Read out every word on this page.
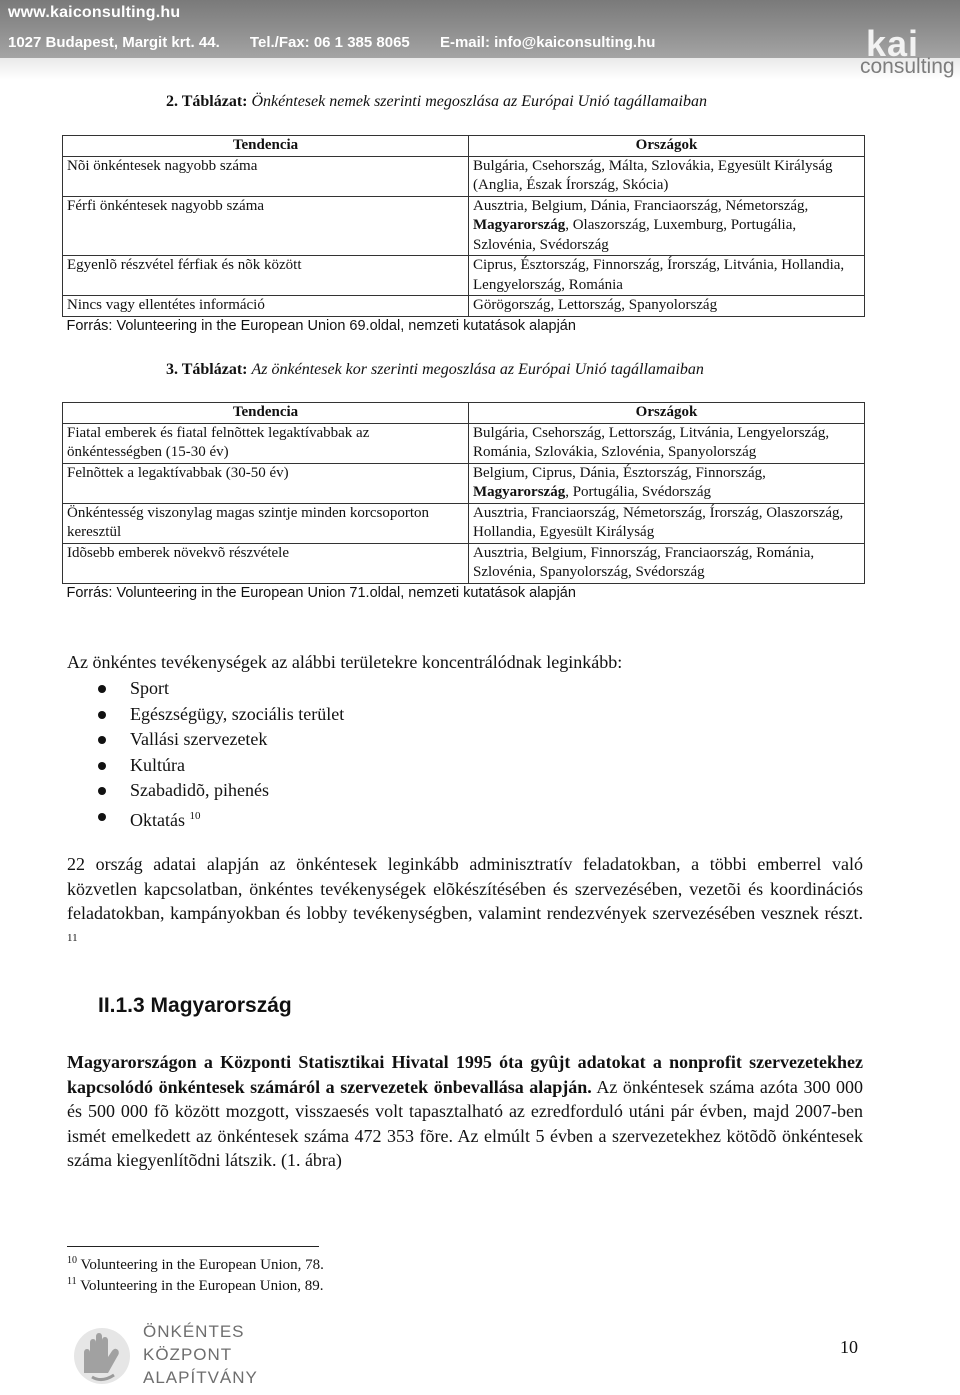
www.kaiconsulting.hu
1027 Budapest, Margit krt. 44. Tel./Fax: 06 1 385 8065 E-mail: info@kaiconsulting.hu	kai
consulting
2. Táblázat: Önkéntesek nemek szerinti megoszlása az Európai Unió tagállamaiban
Tendencia	Országok
Nõi önkéntesek nagyobb száma	Bulgária, Csehország, Málta, Szlovákia, Egyesült Királyság (Anglia, Észak Írország, Skócia)
Férfi önkéntesek nagyobb száma	Ausztria, Belgium, Dánia, Franciaország, Németország, Magyarország, Olaszország, Luxemburg, Portugália, Szlovénia, Svédország
Egyenlõ részvétel férfiak és nõk között	Ciprus, Észtország, Finnország, Írország, Litvánia, Hollandia, Lengyelország, Románia
Nincs vagy ellentétes információ	Görögország, Lettország, Spanyolország
Forrás: Volunteering in the European Union 69.oldal, nemzeti kutatások alapján	
3. Táblázat: Az önkéntesek kor szerinti megoszlása az Európai Unió tagállamaiban
Tendencia	Országok
Fiatal emberek és fiatal felnõttek legaktívabbak az önkéntességben (15-30 év)	Bulgária, Csehország, Lettország, Litvánia, Lengyelország, Románia, Szlovákia, Szlovénia, Spanyolország
Felnõttek a legaktívabbak (30-50 év)	Belgium, Ciprus, Dánia, Észtország, Finnország, Magyarország, Portugália, Svédország
Önkéntesség viszonylag magas szintje minden korcsoporton keresztül	Ausztria, Franciaország, Németország, Írország, Olaszország, Hollandia, Egyesült Királyság
Idõsebb emberek növekvõ részvétele	Ausztria, Belgium, Finnország, Franciaország, Románia, Szlovénia, Spanyolország, Svédország
Forrás: Volunteering in the European Union 71.oldal, nemzeti kutatások alapján	
Az önkéntes tevékenységek az alábbi területekre koncentrálódnak leginkább:
Sport
Egészségügy, szociális terület
Vallási szervezetek
Kultúra
Szabadidõ, pihenés
Oktatás $^{10}$
22 ország adatai alapján az önkéntesek leginkább adminisztratív feladatokban, a többi emberrel való közvetlen kapcsolatban, önkéntes tevékenységek elõkészítésében és szervezésében, vezetõi és koordinációs feladatokban, kampányokban és lobby tevékenységben, valamint rendezvények szervezésében vesznek részt. $^{11}$
II.1.3 Magyarország
Magyarországon a Központi Statisztikai Hivatal 1995 óta gyûjt adatokat a nonprofit szervezetekhez kapcsolódó önkéntesek számáról a szervezetek önbevallása alapján. Az önkéntesek száma azóta 300 000 és 500 000 fõ között mozgott, visszaesés volt tapasztalható az ezredforduló utáni pár évben, majd 2007-ben ismét emelkedett az önkéntesek száma 472 353 fõre. Az elmúlt 5 évben a szervezetekhez kötõdõ önkéntesek száma kiegyenlítõdni látszik. (1. ábra)
$^{10}$ Volunteering in the European Union, 78.
$^{11}$ Volunteering in the European Union, 89.
ÖNKÉNTES
KÖZPONT
ALAPÍTVÁNY
10
